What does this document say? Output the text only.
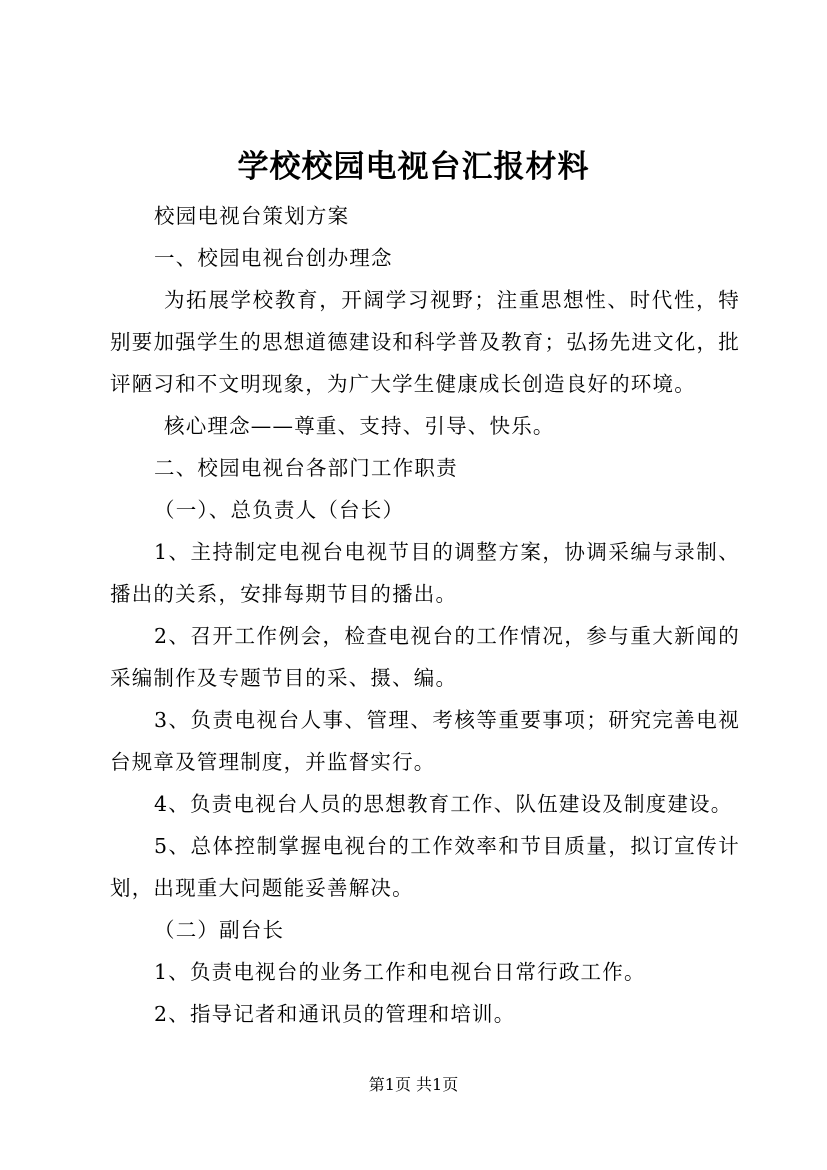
学校校园电视台汇报材料

校园电视台策划方案

一、校园电视台创办理念

为拓展学校教育，开阔学习视野；注重思想性、时代性，特别要加强学生的思想道德建设和科学普及教育；弘扬先进文化，批评陋习和不文明现象，为广大学生健康成长创造良好的环境。

核心理念——尊重、支持、引导、快乐。

二、校园电视台各部门工作职责

（一）、总负责人（台长）

1、主持制定电视台电视节目的调整方案，协调采编与录制、播出的关系，安排每期节目的播出。

2、召开工作例会，检查电视台的工作情况，参与重大新闻的采编制作及专题节目的采、摄、编。

3、负责电视台人事、管理、考核等重要事项；研究完善电视台规章及管理制度，并监督实行。

4、负责电视台人员的思想教育工作、队伍建设及制度建设。

5、总体控制掌握电视台的工作效率和节目质量，拟订宣传计划，出现重大问题能妥善解决。

（二）副台长

1、负责电视台的业务工作和电视台日常行政工作。

2、指导记者和通讯员的管理和培训。

第1页 共1页
